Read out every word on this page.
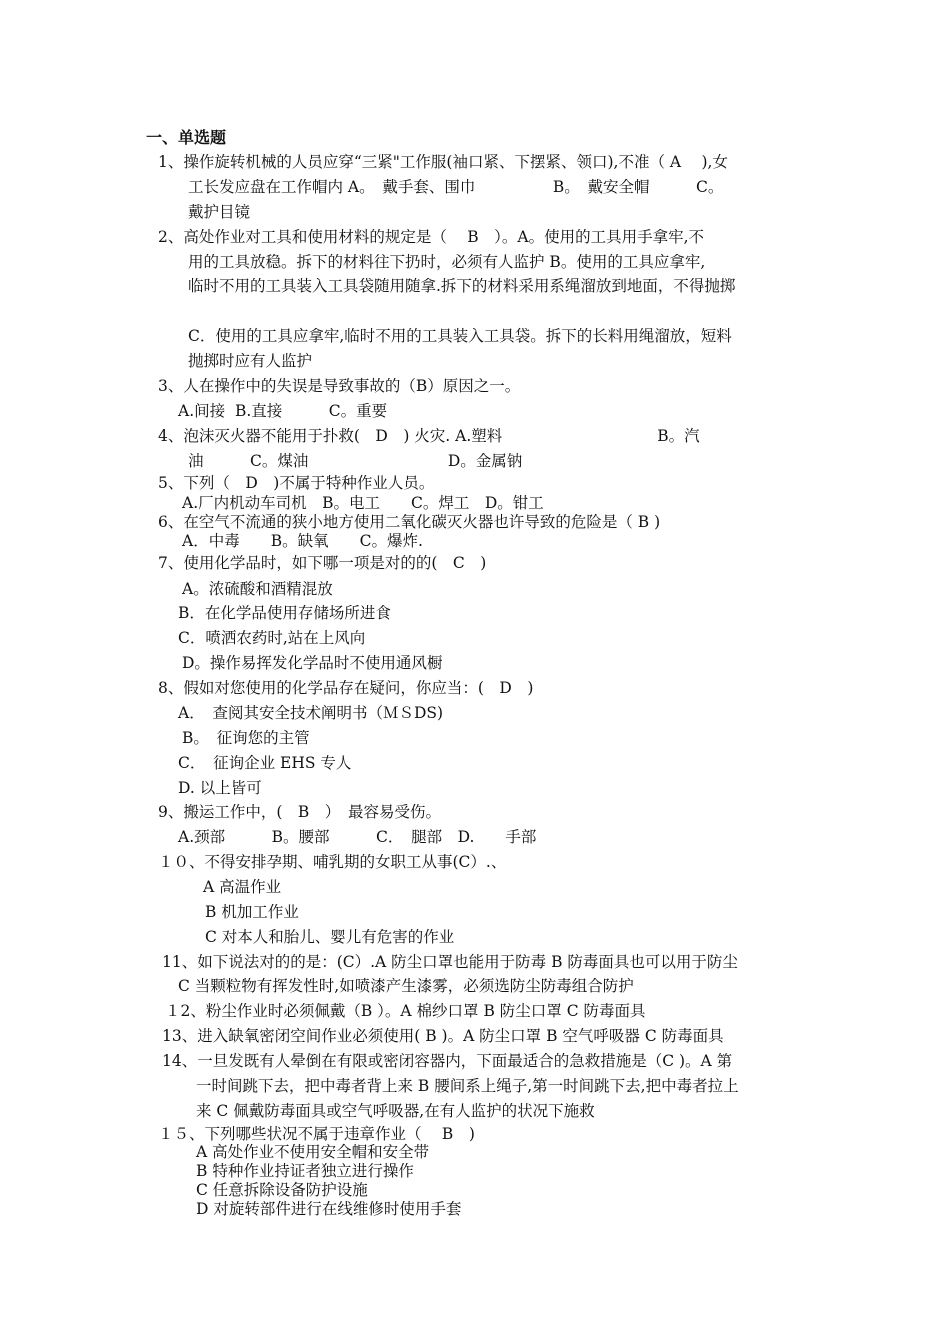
一、单选题
1、操作旋转机械的人员应穿“三紧"工作服(袖口紧、下摆紧、领口),不准（ A　 ),女
工长发应盘在工作帽内 A。　戴手套、围巾　　　　　B。　戴安全帽　　　C。
戴护目镜
2、高处作业对工具和使用材料的规定是（　 B　）。A。使用的工具用手拿牢,不
用的工具放稳。拆下的材料往下扔时，必须有人监护 B。使用的工具应拿牢,
临时不用的工具装入工具袋随用随拿.拆下的材料采用系绳溜放到地面，不得抛掷
C．使用的工具应拿牢,临时不用的工具装入工具袋。拆下的长料用绳溜放，短料
抛掷时应有人监护
3、人在操作中的失误是导致事故的（B）原因之一。
A.间接  B.直接　　　C。重要
4、泡沫灭火器不能用于扑救(　D　) 火灾. A.塑料　　　　　　　　　　B。汽
油　　　C。煤油　　　　　　　　　D。金属钠
5、下列（　D　)不属于特种作业人员。
A.厂内机动车司机　B。电工　　C。焊工　D。钳工
6、在空气不流通的狭小地方使用二氧化碳灭火器也许导致的危险是（ B )
A．中毒　　B。缺氧　　C。爆炸.
7、使用化学品时，如下哪一项是对的的(　C　)
A。浓硫酸和酒精混放
B．在化学品使用存储场所进食
C．喷洒农药时,站在上风向
D。操作易挥发化学品时不使用通风橱
8、假如对您使用的化学品存在疑问，你应当：(　D　)
A．　查阅其安全技术阐明书（ＭＳDS)
B。　征询您的主管
C．　征询企业 EHS 专人
D. 以上皆可
9、搬运工作中，(　B　）　最容易受伤。
A.颈部　　　B。腰部　　　C．　腿部　D.　　手部
１０、不得安排孕期、哺乳期的女职工从事(C）.、
A 高温作业
B 机加工作业
C 对本人和胎儿、婴儿有危害的作业
11、如下说法对的的是：(C）.A 防尘口罩也能用于防毒 B 防毒面具也可以用于防尘
C 当颗粒物有挥发性时,如喷漆产生漆雾，必须选防尘防毒组合防护
１2、粉尘作业时必须佩戴（B ）。A 棉纱口罩 B 防尘口罩 C 防毒面具
13、进入缺氧密闭空间作业必须使用( B )。A 防尘口罩 B 空气呼吸器 C 防毒面具
14、一旦发既有人晕倒在有限或密闭容器内，下面最适合的急救措施是（C )。A 第
一时间跳下去，把中毒者背上来 B 腰间系上绳子,第一时间跳下去,把中毒者拉上
来 C 佩戴防毒面具或空气呼吸器,在有人监护的状况下施救
１５、下列哪些状况不属于违章作业（　 B　)
A 高处作业不使用安全帽和安全带
B 特种作业持证者独立进行操作
C 任意拆除设备防护设施
D 对旋转部件进行在线维修时使用手套
